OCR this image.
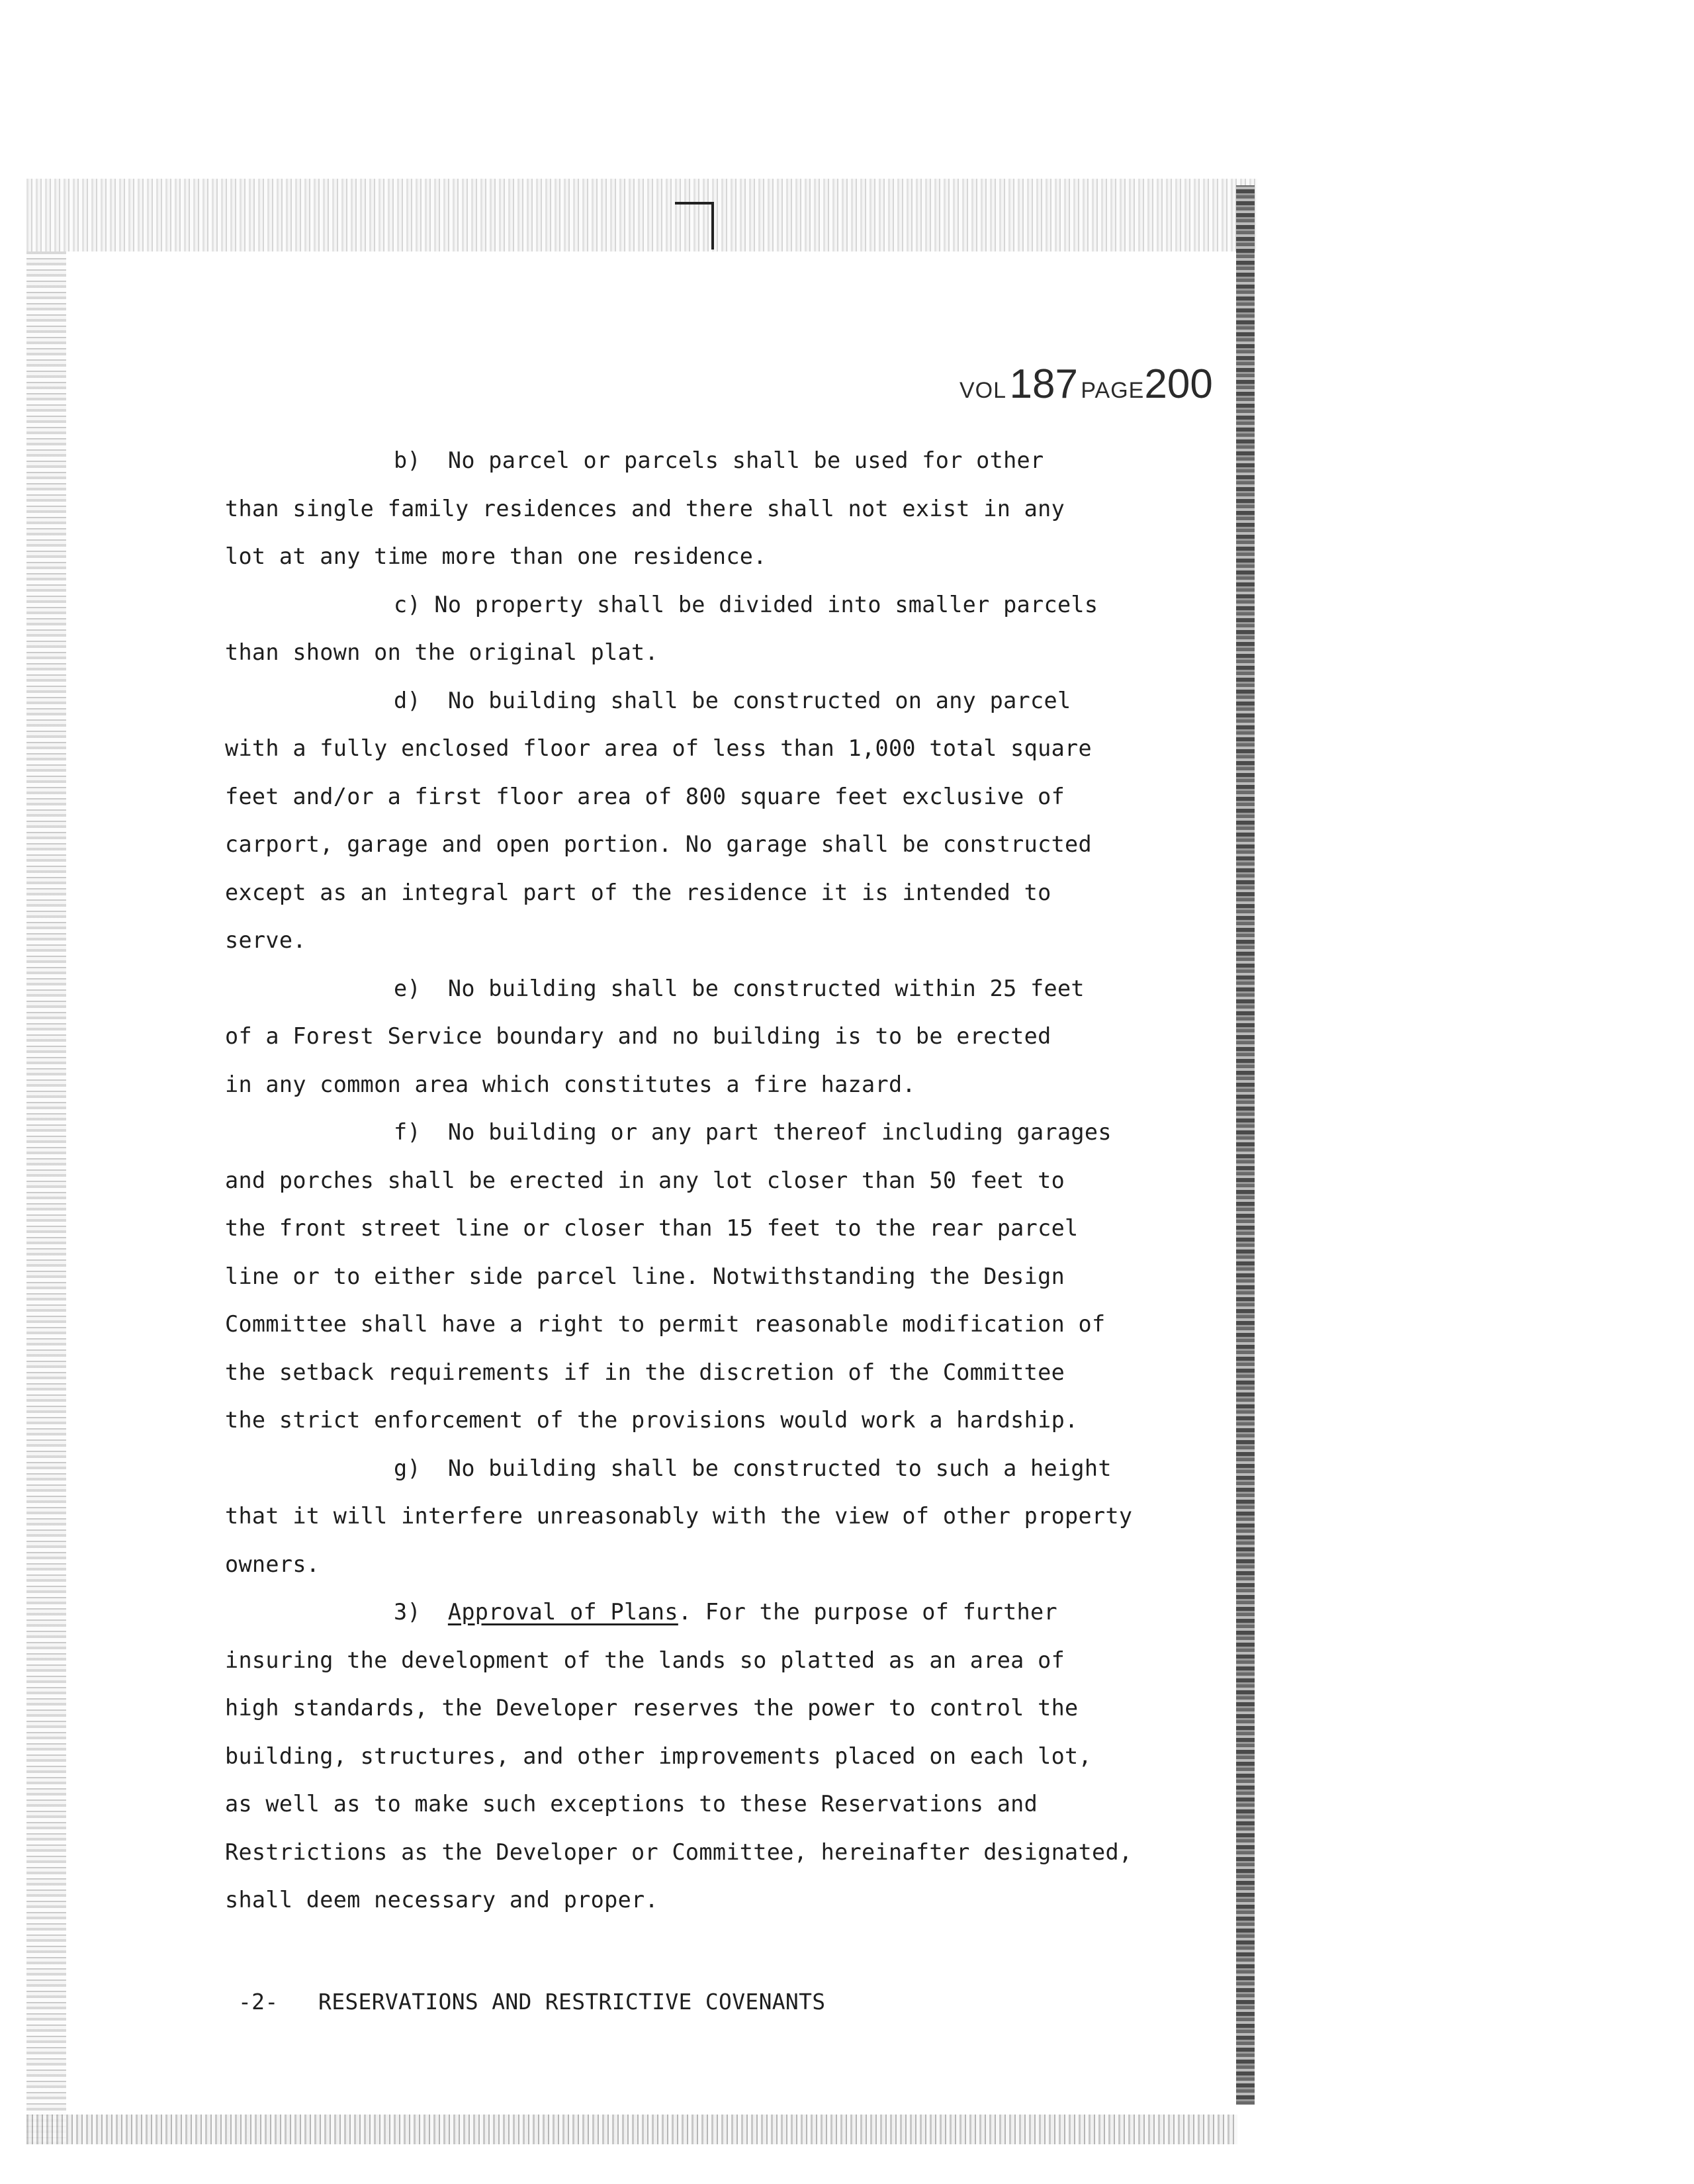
VOL 187 PAGE200

b) No parcel or parcels shall be used for other

than single family residences and there shall not exist in any

lot at any time more than one residence.

c) No property shall be divided into smaller parcels

than shown on the original plat.

d) No building shall be constructed on any parcel

with a fully enclosed floor area of less than 1,000 total square

feet and/or a first floor area of 800 square feet exclusive of

carport, garage and open portion. No garage shall be constructed

except as an integral part of the residence it is intended to

serve.

e) No building shall be constructed within 25 feet

of a Forest Service boundary and no building is to be erected

in any common area which constitutes a fire hazard.

f) No building or any part thereof including garages

and porches shall be erected in any lot closer than 50 feet to

the front street line or closer than 15 feet to the rear parcel

line or to either side parcel line. Notwithstanding the Design

Committee shall have a right to permit reasonable modification of

the setback requirements if in the discretion of the Committee

the strict enforcement of the provisions would work a hardship.

g) No building shall be constructed to such a height

that it will interfere unreasonably with the view of other property

owners.

3) Approval of Plans. For the purpose of further

insuring the development of the lands so platted as an area of

high standards, the Developer reserves the power to control the

building, structures, and other improvements placed on each lot,

as well as to make such exceptions to these Reservations and

Restrictions as the Developer or Committee, hereinafter designated,

shall deem necessary and proper.

-2- RESERVATIONS AND RESTRICTIVE COVENANTS
